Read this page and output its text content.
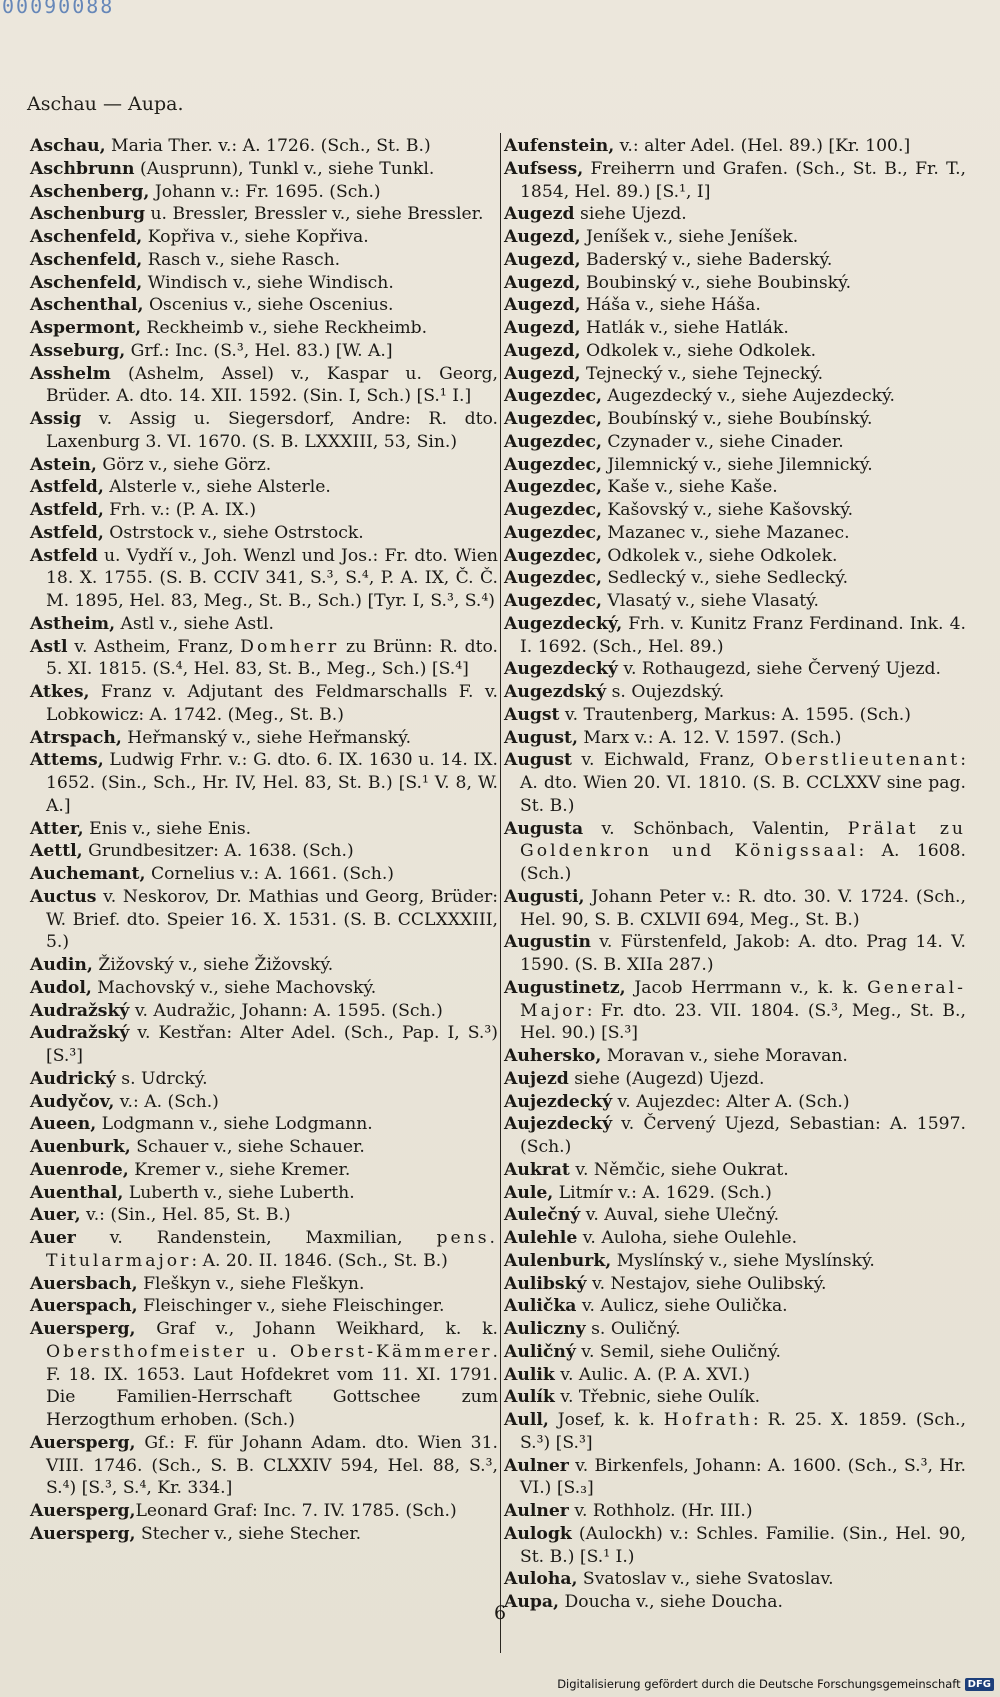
00090088
Aschau — Aupa.

Aschau, Maria Ther. v.: A. 1726. (Sch., St. B.)

Aschbrunn (Ausprunn), Tunkl v., siehe Tunkl.

Aschenberg, Johann v.: Fr. 1695. (Sch.)

Aschenburg u. Bressler, Bressler v., siehe Bressler.

Aschenfeld, Kopřiva v., siehe Kopřiva.

Aschenfeld, Rasch v., siehe Rasch.

Aschenfeld, Windisch v., siehe Windisch.

Aschenthal, Oscenius v., siehe Oscenius.

Aspermont, Reckheimb v., siehe Reckheimb.

Asseburg, Grf.: Inc. (S.³, Hel. 83.) [W. A.]

Asshelm (Ashelm, Assel) v., Kaspar u. Georg, Brüder. A. dto. 14. XII. 1592. (Sin. I, Sch.) [S.¹ I.]

Assig v. Assig u. Siegersdorf, Andre: R. dto. Laxenburg 3. VI. 1670. (S. B. LXXXIII, 53, Sin.)

Astein, Görz v., siehe Görz.

Astfeld, Alsterle v., siehe Alsterle.

Astfeld, Frh. v.: (P. A. IX.)

Astfeld, Ostrstock v., siehe Ostrstock.

Astfeld u. Vydří v., Joh. Wenzl und Jos.: Fr. dto. Wien 18. X. 1755. (S. B. CCIV 341, S.³, S.⁴, P. A. IX, Č. Č. M. 1895, Hel. 83, Meg., St. B., Sch.) [Tyr. I, S.³, S.⁴)

Astheim, Astl v., siehe Astl.

Astl v. Astheim, Franz, Domherr zu Brünn: R. dto. 5. XI. 1815. (S.⁴, Hel. 83, St. B., Meg., Sch.) [S.⁴]

Atkes, Franz v. Adjutant des Feldmarschalls F. v. Lobkowicz: A. 1742. (Meg., St. B.)

Atrspach, Heřmanský v., siehe Heřmanský.

Attems, Ludwig Frhr. v.: G. dto. 6. IX. 1630 u. 14. IX. 1652. (Sin., Sch., Hr. IV, Hel. 83, St. B.) [S.¹ V. 8, W. A.]

Atter, Enis v., siehe Enis.

Aettl, Grundbesitzer: A. 1638. (Sch.)

Auchemant, Cornelius v.: A. 1661. (Sch.)

Auctus v. Neskorov, Dr. Mathias und Georg, Brüder: W. Brief. dto. Speier 16. X. 1531. (S. B. CCLXXXIII, 5.)

Audin, Žižovský v., siehe Žižovský.

Audol, Machovský v., siehe Machovský.

Audražský v. Audražic, Johann: A. 1595. (Sch.)

Audražský v. Kestřan: Alter Adel. (Sch., Pap. I, S.³) [S.³]

Audrický s. Udrcký.

Audyčov, v.: A. (Sch.)

Aueen, Lodgmann v., siehe Lodgmann.

Auenburk, Schauer v., siehe Schauer.

Auenrode, Kremer v., siehe Kremer.

Auenthal, Luberth v., siehe Luberth.

Auer, v.: (Sin., Hel. 85, St. B.)

Auer v. Randenstein, Maxmilian, pens. Titularmajor: A. 20. II. 1846. (Sch., St. B.)

Auersbach, Fleškyn v., siehe Fleškyn.

Auerspach, Fleischinger v., siehe Fleischinger.

Auersperg, Graf v., Johann Weikhard, k. k. Obersthofmeister u. Oberst-Kämmerer. F. 18. IX. 1653. Laut Hofdekret vom 11. XI. 1791. Die Familien-Herrschaft Gottschee zum Herzogthum erhoben. (Sch.)

Auersperg, Gf.: F. für Johann Adam. dto. Wien 31. VIII. 1746. (Sch., S. B. CLXXIV 594, Hel. 88, S.³, S.⁴) [S.³, S.⁴, Kr. 334.]

Auersperg,Leonard Graf: Inc. 7. IV. 1785. (Sch.)

Auersperg, Stecher v., siehe Stecher.

Aufenstein, v.: alter Adel. (Hel. 89.) [Kr. 100.]

Aufsess, Freiherrn und Grafen. (Sch., St. B., Fr. T., 1854, Hel. 89.) [S.¹, I]

Augezd siehe Ujezd.

Augezd, Jeníšek v., siehe Jeníšek.

Augezd, Baderský v., siehe Baderský.

Augezd, Boubinský v., siehe Boubinský.

Augezd, Háša v., siehe Háša.

Augezd, Hatlák v., siehe Hatlák.

Augezd, Odkolek v., siehe Odkolek.

Augezd, Tejnecký v., siehe Tejnecký.

Augezdec, Augezdecký v., siehe Aujezdecký.

Augezdec, Boubínský v., siehe Boubínský.

Augezdec, Czynader v., siehe Cinader.

Augezdec, Jilemnický v., siehe Jilemnický.

Augezdec, Kaše v., siehe Kaše.

Augezdec, Kašovský v., siehe Kašovský.

Augezdec, Mazanec v., siehe Mazanec.

Augezdec, Odkolek v., siehe Odkolek.

Augezdec, Sedlecký v., siehe Sedlecký.

Augezdec, Vlasatý v., siehe Vlasatý.

Augezdecký, Frh. v. Kunitz Franz Ferdinand. Ink. 4. I. 1692. (Sch., Hel. 89.)

Augezdecký v. Rothaugezd, siehe Červený Ujezd.

Augezdský s. Oujezdský.

Augst v. Trautenberg, Markus: A. 1595. (Sch.)

August, Marx v.: A. 12. V. 1597. (Sch.)

August v. Eichwald, Franz, Oberstlieutenant: A. dto. Wien 20. VI. 1810. (S. B. CCLXXV sine pag. St. B.)

Augusta v. Schönbach, Valentin, Prälat zu Goldenkron und Königssaal: A. 1608. (Sch.)

Augusti, Johann Peter v.: R. dto. 30. V. 1724. (Sch., Hel. 90, S. B. CXLVII 694, Meg., St. B.)

Augustin v. Fürstenfeld, Jakob: A. dto. Prag 14. V. 1590. (S. B. XIIa 287.)

Augustinetz, Jacob Herrmann v., k. k. General-Major: Fr. dto. 23. VII. 1804. (S.³, Meg., St. B., Hel. 90.) [S.³]

Auhersko, Moravan v., siehe Moravan.

Aujezd siehe (Augezd) Ujezd.

Aujezdecký v. Aujezdec: Alter A. (Sch.)

Aujezdecký v. Červený Ujezd, Sebastian: A. 1597. (Sch.)

Aukrat v. Němčic, siehe Oukrat.

Aule, Litmír v.: A. 1629. (Sch.)

Aulečný v. Auval, siehe Ulečný.

Aulehle v. Auloha, siehe Oulehle.

Aulenburk, Myslínský v., siehe Myslínský.

Aulibský v. Nestajov, siehe Oulibský.

Aulička v. Aulicz, siehe Oulička.

Auliczny s. Ouličný.

Auličný v. Semil, siehe Ouličný.

Aulik v. Aulic. A. (P. A. XVI.)

Aulík v. Třebnic, siehe Oulík.

Aull, Josef, k. k. Hofrath: R. 25. X. 1859. (Sch., S.³) [S.³]

Aulner v. Birkenfels, Johann: A. 1600. (Sch., S.³, Hr. VI.) [S.₃]

Aulner v. Rothholz. (Hr. III.)

Aulogk (Aulockh) v.: Schles. Familie. (Sin., Hel. 90, St. B.) [S.¹ I.)

Auloha, Svatoslav v., siehe Svatoslav.

Aupa, Doucha v., siehe Doucha.

6
Digitalisierung gefördert durch die Deutsche Forschungsgemeinschaft DFG
